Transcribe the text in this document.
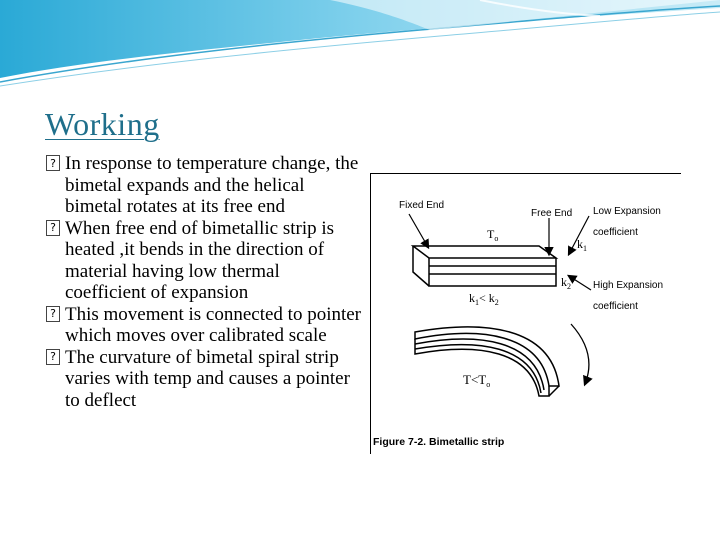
Working
? In response to temperature change, the bimetal expands and the helical bimetal rotates at its free end
? When free end of bimetallic strip is heated ,it bends in the direction of material having low thermal coefficient of expansion
? This movement is connected to pointer which moves over calibrated scale
? The curvature of bimetal spiral strip varies with temp and causes a pointer to deflect
Fixed End
Free End Low Expansion
coefficient
High Expansion
coefficient
$T_o$	$k_1$
$k_2$
$k_1< k_2$
$T<T_o$
Figure 7-2. Bimetallic strip
